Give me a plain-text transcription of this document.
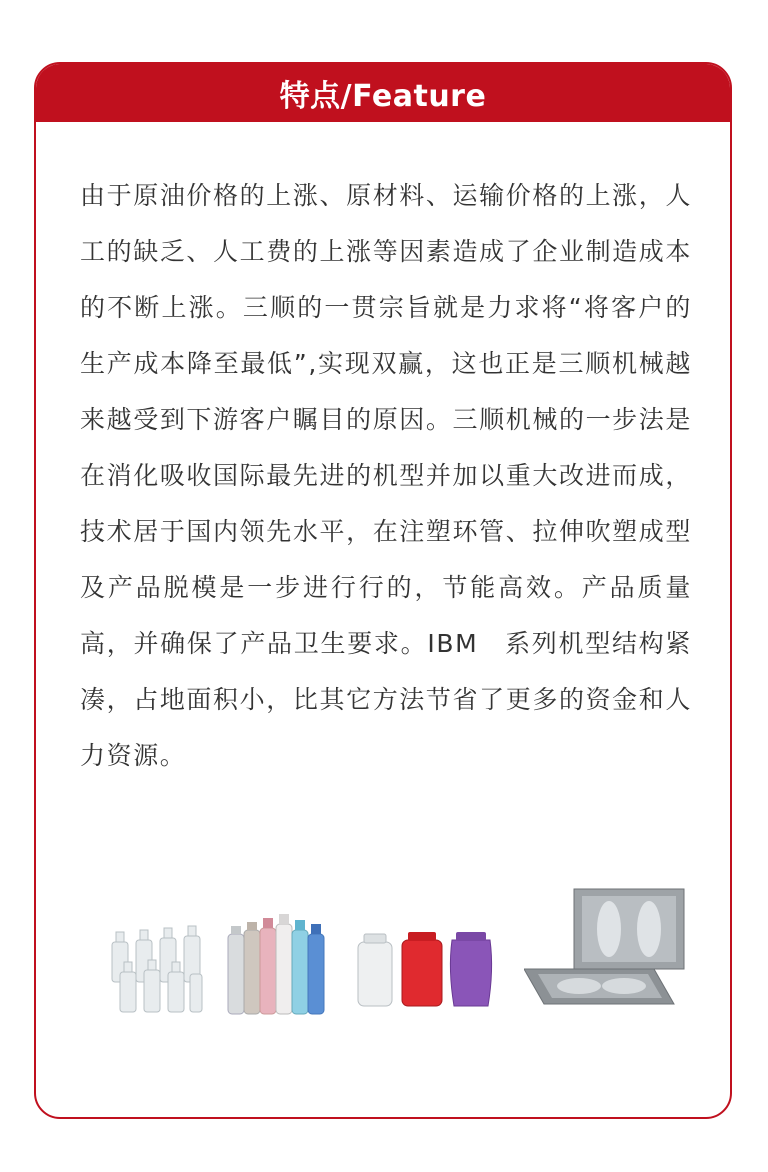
特点/Feature

由于原油价格的上涨、原材料、运输价格的上涨，人工的缺乏、人工费的上涨等因素造成了企业制造成本的不断上涨。三顺的一贯宗旨就是力求将“将客户的生产成本降至最低”,实现双赢，这也正是三顺机械越来越受到下游客户瞩目的原因。三顺机械的一步法是在消化吸收国际最先进的机型并加以重大改进而成，技术居于国内领先水平，在注塑环管、拉伸吹塑成型及产品脱模是一步进行行的，节能高效。产品质量高，并确保了产品卫生要求。IBM　系列机型结构紧凑，占地面积小，比其它方法节省了更多的资金和人力资源。
